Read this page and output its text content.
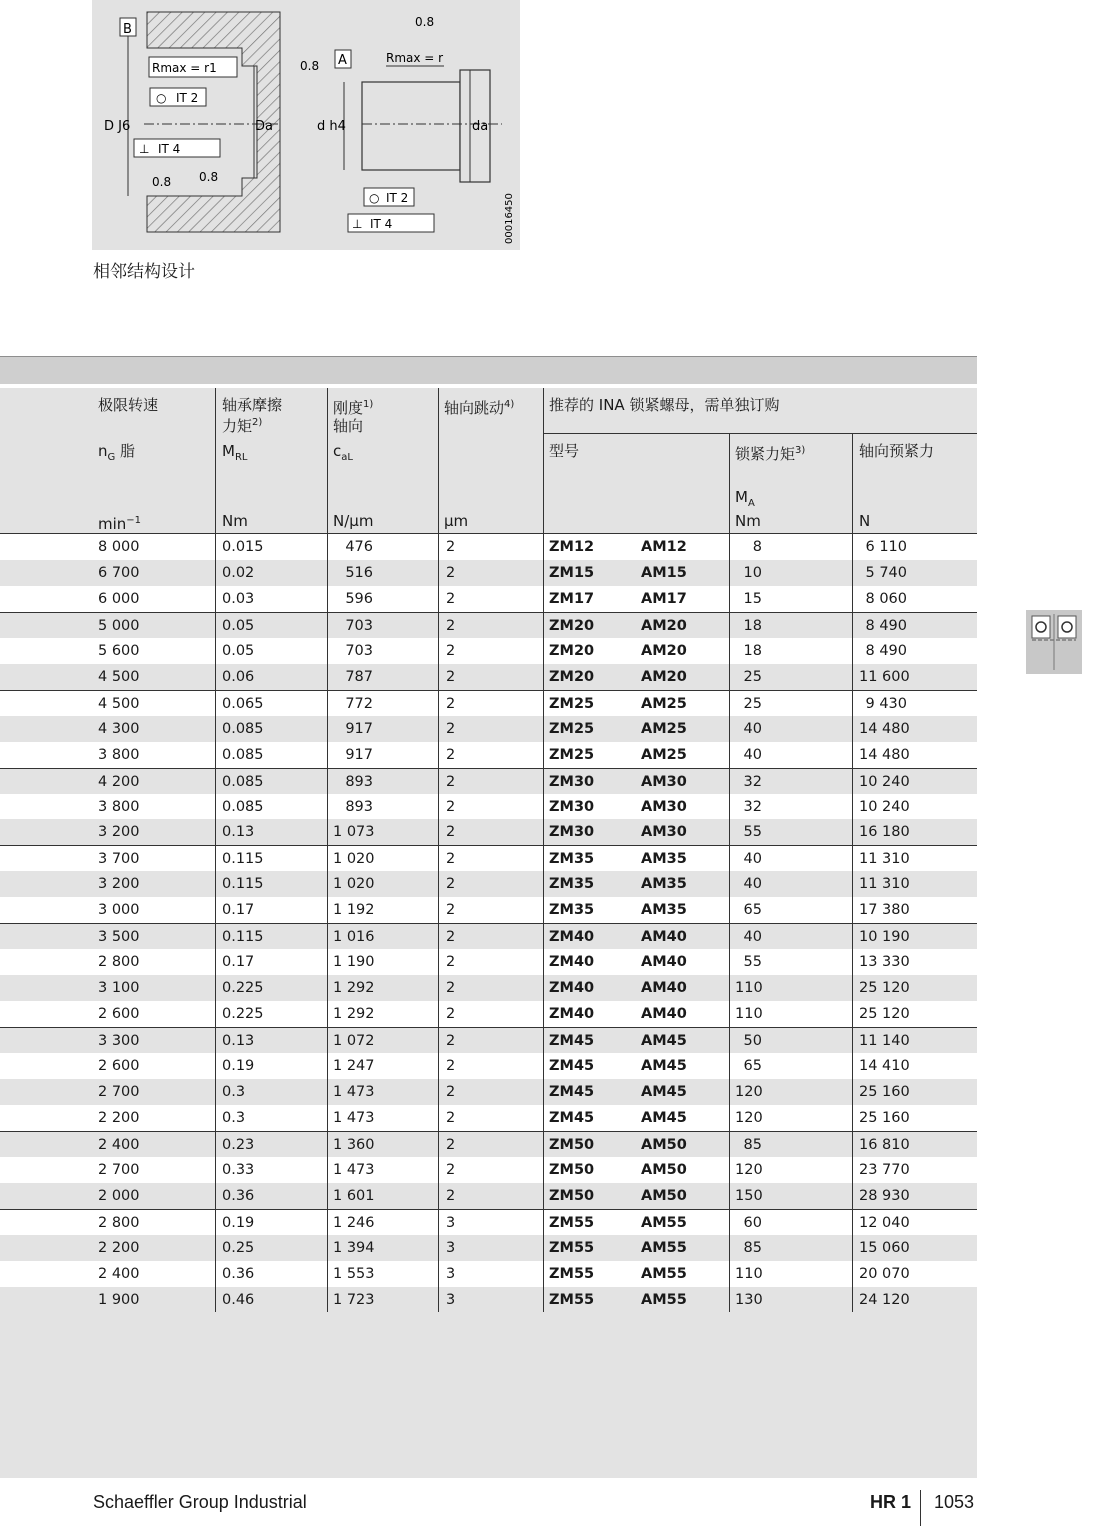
B
D J6
Rmax = r1
○ IT 2
⊥ IT 4
Da
0.8 0.8
A
0.8
d h4
Rmax = r
0.8
da
○ IT 2
⊥ IT 4	00016450
相邻结构设计
极限转速
$n_G$ 脂
$\min^{-1}$
轴承摩擦
力矩$^{2)}$
$M_{RL}$
Nm
刚度$^{1)}$
轴向
$c_{aL}$
N/μm
轴向跳动$^{4)}$
μm
推荐的 INA 锁紧螺母，需单独订购
型号	锁紧力矩$^{3)}$
$M_A$
Nm
轴向预紧力
N
8 000	0.015	476	2	ZM12	AM12	8	6 110
6 700	0.02	516	2	ZM15	AM15	10	5 740
6 000	0.03	596	2	ZM17	AM17	15	8 060
5 000	0.05	703	2	ZM20	AM20	18	8 490
5 600	0.05	703	2	ZM20	AM20	18	8 490
4 500	0.06	787	2	ZM20	AM20	25	11 600
4 500	0.065	772	2	ZM25	AM25	25	9 430
4 300	0.085	917	2	ZM25	AM25	40	14 480
3 800	0.085	917	2	ZM25	AM25	40	14 480
4 200	0.085	893	2	ZM30	AM30	32	10 240
3 800	0.085	893	2	ZM30	AM30	32	10 240
3 200	0.13	1 073	2	ZM30	AM30	55	16 180
3 700	0.115	1 020	2	ZM35	AM35	40	11 310
3 200	0.115	1 020	2	ZM35	AM35	40	11 310
3 000	0.17	1 192	2	ZM35	AM35	65	17 380
3 500	0.115	1 016	2	ZM40	AM40	40	10 190
2 800	0.17	1 190	2	ZM40	AM40	55	13 330
3 100	0.225	1 292	2	ZM40	AM40	110	25 120
2 600	0.225	1 292	2	ZM40	AM40	110	25 120
3 300	0.13	1 072	2	ZM45	AM45	50	11 140
2 600	0.19	1 247	2	ZM45	AM45	65	14 410
2 700	0.3	1 473	2	ZM45	AM45	120	25 160
2 200	0.3	1 473	2	ZM45	AM45	120	25 160
2 400	0.23	1 360	2	ZM50	AM50	85	16 810
2 700	0.33	1 473	2	ZM50	AM50	120	23 770
2 000	0.36	1 601	2	ZM50	AM50	150	28 930
2 800	0.19	1 246	3	ZM55	AM55	60	12 040
2 200	0.25	1 394	3	ZM55	AM55	85	15 060
2 400	0.36	1 553	3	ZM55	AM55	110	20 070
1 900	0.46	1 723	3	ZM55	AM55	130	24 120
Schaeffler Group Industrial	HR 1 1053
